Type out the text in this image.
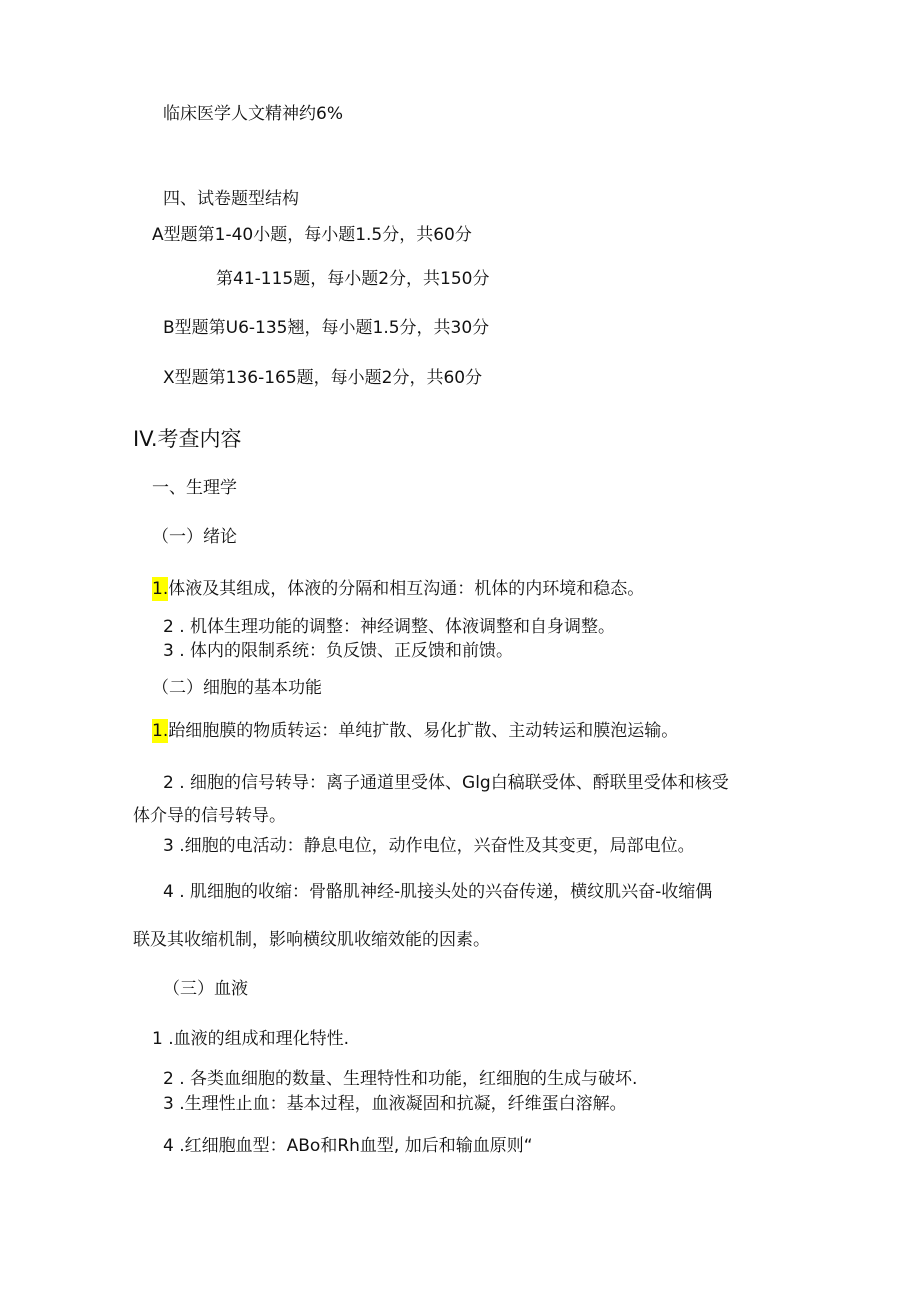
临床医学人文精神约6%
四、试卷题型结构
A型题第1-40小题，每小题1.5分，共60分
第41-115题，每小题2分，共150分
B型题第U6-135翘，每小题1.5分，共30分
X型题第136-165题，每小题2分，共60分
IV.考查内容
一、生理学
（一）绪论
1.体液及其组成，体液的分隔和相互沟通：机体的内环境和稳态。
2 . 机体生理功能的调整：神经调整、体液调整和自身调整。
3 . 体内的限制系统：负反馈、正反馈和前馈。
（二）细胞的基本功能
1.跆细胞膜的物质转运：单纯扩散、易化扩散、主动转运和膜泡运输。
2 . 细胞的信号转导：离子通道里受体、Glg白稿联受体、酹联里受体和核受
体介导的信号转导。
3 .细胞的电活动：静息电位，动作电位，兴奋性及其变更，局部电位。
4 . 肌细胞的收缩：骨骼肌神经-肌接头处的兴奋传递，横纹肌兴奋-收缩偶
联及其收缩机制，影响横纹肌收缩效能的因素。
（三）血液
1 .血液的组成和理化特性.
2 . 各类血细胞的数量、生理特性和功能，红细胞的生成与破坏.
3 .生理性止血：基本过程，血液凝固和抗凝，纤维蛋白溶解。
4 .红细胞血型：ABo和Rh血型, 加后和输血原则“
